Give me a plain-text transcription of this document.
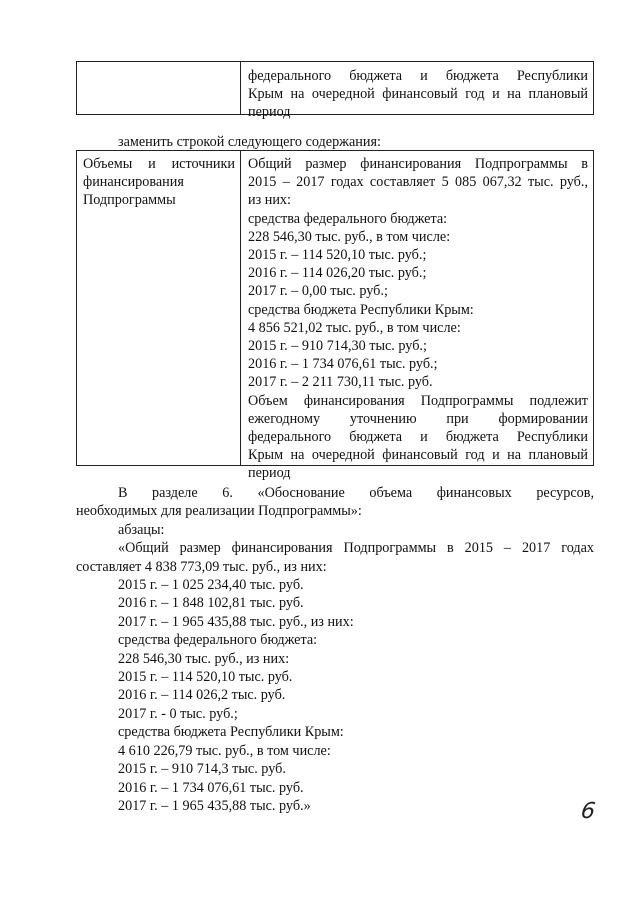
федерального бюджета и бюджета Республики
Крым на очередной финансовый год и на плановый
период
заменить строкой следующего содержания:
Объемы и источники
финансирования
Подпрограммы
Общий размер финансирования Подпрограммы в
2015 – 2017 годах составляет 5 085 067,32 тыс. руб.,
из них:
средства федерального бюджета:
228 546,30 тыс. руб., в том числе:
2015 г. – 114 520,10 тыс. руб.;
2016 г. – 114 026,20 тыс. руб.;
2017 г. – 0,00 тыс. руб.;
средства бюджета Республики Крым:
4 856 521,02 тыс. руб., в том числе:
2015 г. – 910 714,30 тыс. руб.;
2016 г. – 1 734 076,61 тыс. руб.;
2017 г. – 2 211 730,11 тыс. руб.
Объем финансирования Подпрограммы подлежит
ежегодному уточнению при формировании
федерального бюджета и бюджета Республики
Крым на очередной финансовый год и на плановый
период
В разделе 6. «Обоснование объема финансовых ресурсов,
необходимых для реализации Подпрограммы»:
абзацы:
«Общий размер финансирования Подпрограммы в 2015 – 2017 годах
составляет 4 838 773,09 тыс. руб., из них:
2015 г. – 1 025 234,40 тыс. руб.
2016 г. – 1 848 102,81 тыс. руб.
2017 г. – 1 965 435,88 тыс. руб., из них:
средства федерального бюджета:
228 546,30 тыс. руб., из них:
2015 г. – 114 520,10 тыс. руб.
2016 г. – 114 026,2 тыс. руб.
2017 г. - 0 тыс. руб.;
средства бюджета Республики Крым:
4 610 226,79 тыс. руб., в том числе:
2015 г. – 910 714,3 тыс. руб.
2016 г. – 1 734 076,61 тыс. руб.
2017 г. – 1 965 435,88 тыс. руб.»	6
